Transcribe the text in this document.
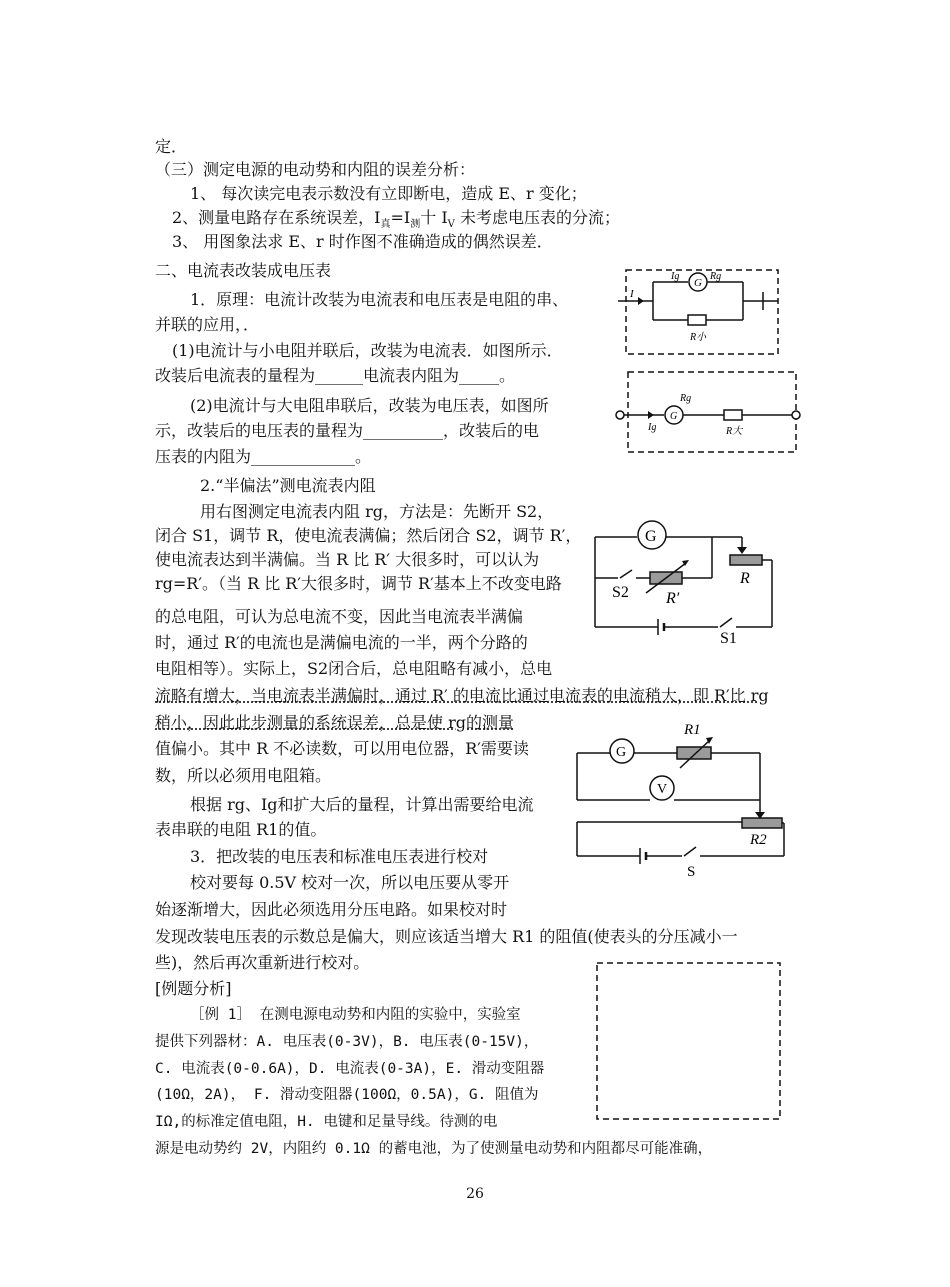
定．
（三）测定电源的电动势和内阻的误差分析：
1、 每次读完电表示数没有立即断电，造成 E、r 变化；
2、测量电路存在系统误差，$I_真=I_测$十 $I_V$ 未考虑电压表的分流；
3、 用图象法求 E、r 时作图不准确造成的偶然误差．
二、电流表改装成电压表
1．原理：电流计改装为电流表和电压表是电阻的串、
并联的应用，．
(1)电流计与小电阻并联后，改装为电流表．如图所示．
改装后电流表的量程为______电流表内阻为_____。
(2)电流计与大电阻串联后，改装为电压表，如图所
示，改装后的电压表的量程为__________，改装后的电
压表的内阻为_____________。
2.“半偏法”测电流表内阻
用右图测定电流表内阻 rg，方法是：先断开 S2，
闭合 S1，调节 R，使电流表满偏；然后闭合 S2，调节 R′，
使电流表达到半满偏。当 R 比 R′ 大很多时，可以认为
rg=R′。（当 R 比 R′大很多时，调节 R′基本上不改变电路
的总电阻，可认为总电流不变，因此当电流表半满偏
时，通过 R′的电流也是满偏电流的一半，两个分路的
电阻相等）。实际上，S2闭合后，总电阻略有减小，总电
流略有增大，当电流表半满偏时，通过 R′ 的电流比通过电流表的电流稍大，即 R′比 rg
稍小，因此此步测量的系统误差，总是使 rg的测量
值偏小。其中 R 不必读数，可以用电位器，R′需要读
数，所以必须用电阻箱。
根据 rg、Ig和扩大后的量程，计算出需要给电流
表串联的电阻 R1的值。
3．把改装的电压表和标准电压表进行校对
校对要每 0.5V 校对一次，所以电压要从零开
始逐渐增大，因此必须选用分压电路。如果校对时
发现改装电压表的示数总是偏大，则应该适当增大 R1 的阻值(使表头的分压减小一
些)，然后再次重新进行校对。
[例题分析]
［例 1］ 在测电源电动势和内阻的实验中，实验室
提供下列器材：A. 电压表(0-3V)，B. 电压表(0-15V)，
C. 电流表(0-0.6A)，D. 电流表(0-3A)，E. 滑动变阻器
(10Ω，2A)， F. 滑动变阻器(100Ω，0.5A)，G. 阻值为
IΩ,的标准定值电阻，H. 电键和足量导线。待测的电
源是电动势约 2V，内阻约 0.1Ω 的蓄电池，为了使测量电动势和内阻都尽可能准确，
I
G
Ig	Rg
R小
Ig
G
Rg
R大
G
S2 R′
R
S1
G
R1
V
R2
S
26
